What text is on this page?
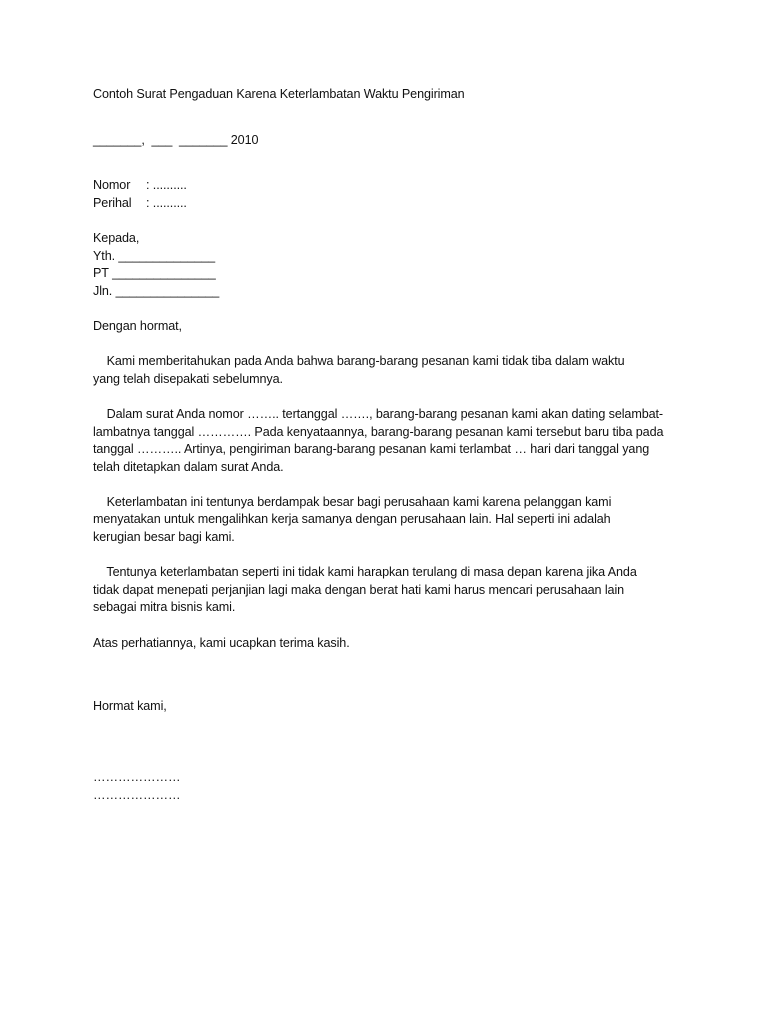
Contoh Surat Pengaduan Karena Keterlambatan Waktu Pengiriman
_______,  ___  _______ 2010
Nomor	: ..........
Perihal	: ..........
Kepada,
Yth. ______________
PT _______________
Jln. _______________
Dengan hormat,
Kami memberitahukan pada Anda bahwa barang-barang pesanan kami tidak tiba dalam waktu
yang telah disepakati sebelumnya.
Dalam surat Anda nomor …….. tertanggal ……., barang-barang pesanan kami akan dating selambat-
lambatnya tanggal …………. Pada kenyataannya, barang-barang pesanan kami tersebut baru tiba pada
tanggal ……….. Artinya, pengiriman barang-barang pesanan kami terlambat … hari dari tanggal yang
telah ditetapkan dalam surat Anda.
Keterlambatan ini tentunya berdampak besar bagi perusahaan kami karena pelanggan kami
menyatakan untuk mengalihkan kerja samanya dengan perusahaan lain. Hal seperti ini adalah
kerugian besar bagi kami.
Tentunya keterlambatan seperti ini tidak kami harapkan terulang di masa depan karena jika Anda
tidak dapat menepati perjanjian lagi maka dengan berat hati kami harus mencari perusahaan lain
sebagai mitra bisnis kami.
Atas perhatiannya, kami ucapkan terima kasih.
Hormat kami,
…………………
…………………
